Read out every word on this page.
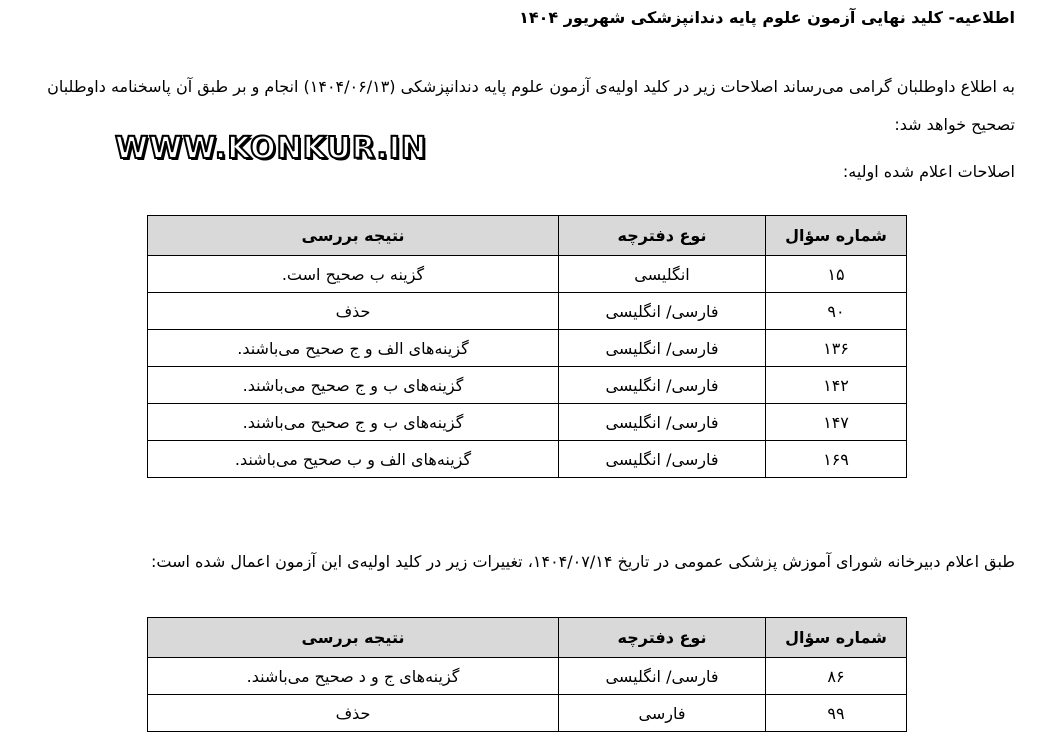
اطلاعیه- کلید نهایی آزمون علوم پایه دندانپزشکی شهریور ۱۴۰۴
به اطلاع داوطلبان گرامی می‌رساند اصلاحات زیر در کلید اولیه‌ی آزمون علوم پایه دندانپزشکی (۱۴۰۴/۰۶/۱۳) انجام و بر طبق آن پاسخنامه داوطلبان تصحیح خواهد شد:
WWW.KONKUR.IN
اصلاحات اعلام شده اولیه:
شماره سؤال	نوع دفترچه	نتیجه بررسی
۱۵	انگلیسی	گزینه ب صحیح است.
۹۰	فارسی/ انگلیسی	حذف
۱۳۶	فارسی/ انگلیسی	گزینه‌های الف و ج صحیح می‌باشند.
۱۴۲	فارسی/ انگلیسی	گزینه‌های ب و ج صحیح می‌باشند.
۱۴۷	فارسی/ انگلیسی	گزینه‌های ب و ج صحیح می‌باشند.
۱۶۹	فارسی/ انگلیسی	گزینه‌های الف و ب صحیح می‌باشند.
طبق اعلام دبیرخانه شورای آموزش پزشکی عمومی در تاریخ ۱۴۰۴/۰۷/۱۴، تغییرات زیر در کلید اولیه‌ی این آزمون اعمال شده است:
شماره سؤال	نوع دفترچه	نتیجه بررسی
۸۶	فارسی/ انگلیسی	گزینه‌های ج و د صحیح می‌باشند.
۹۹	فارسی	حذف
